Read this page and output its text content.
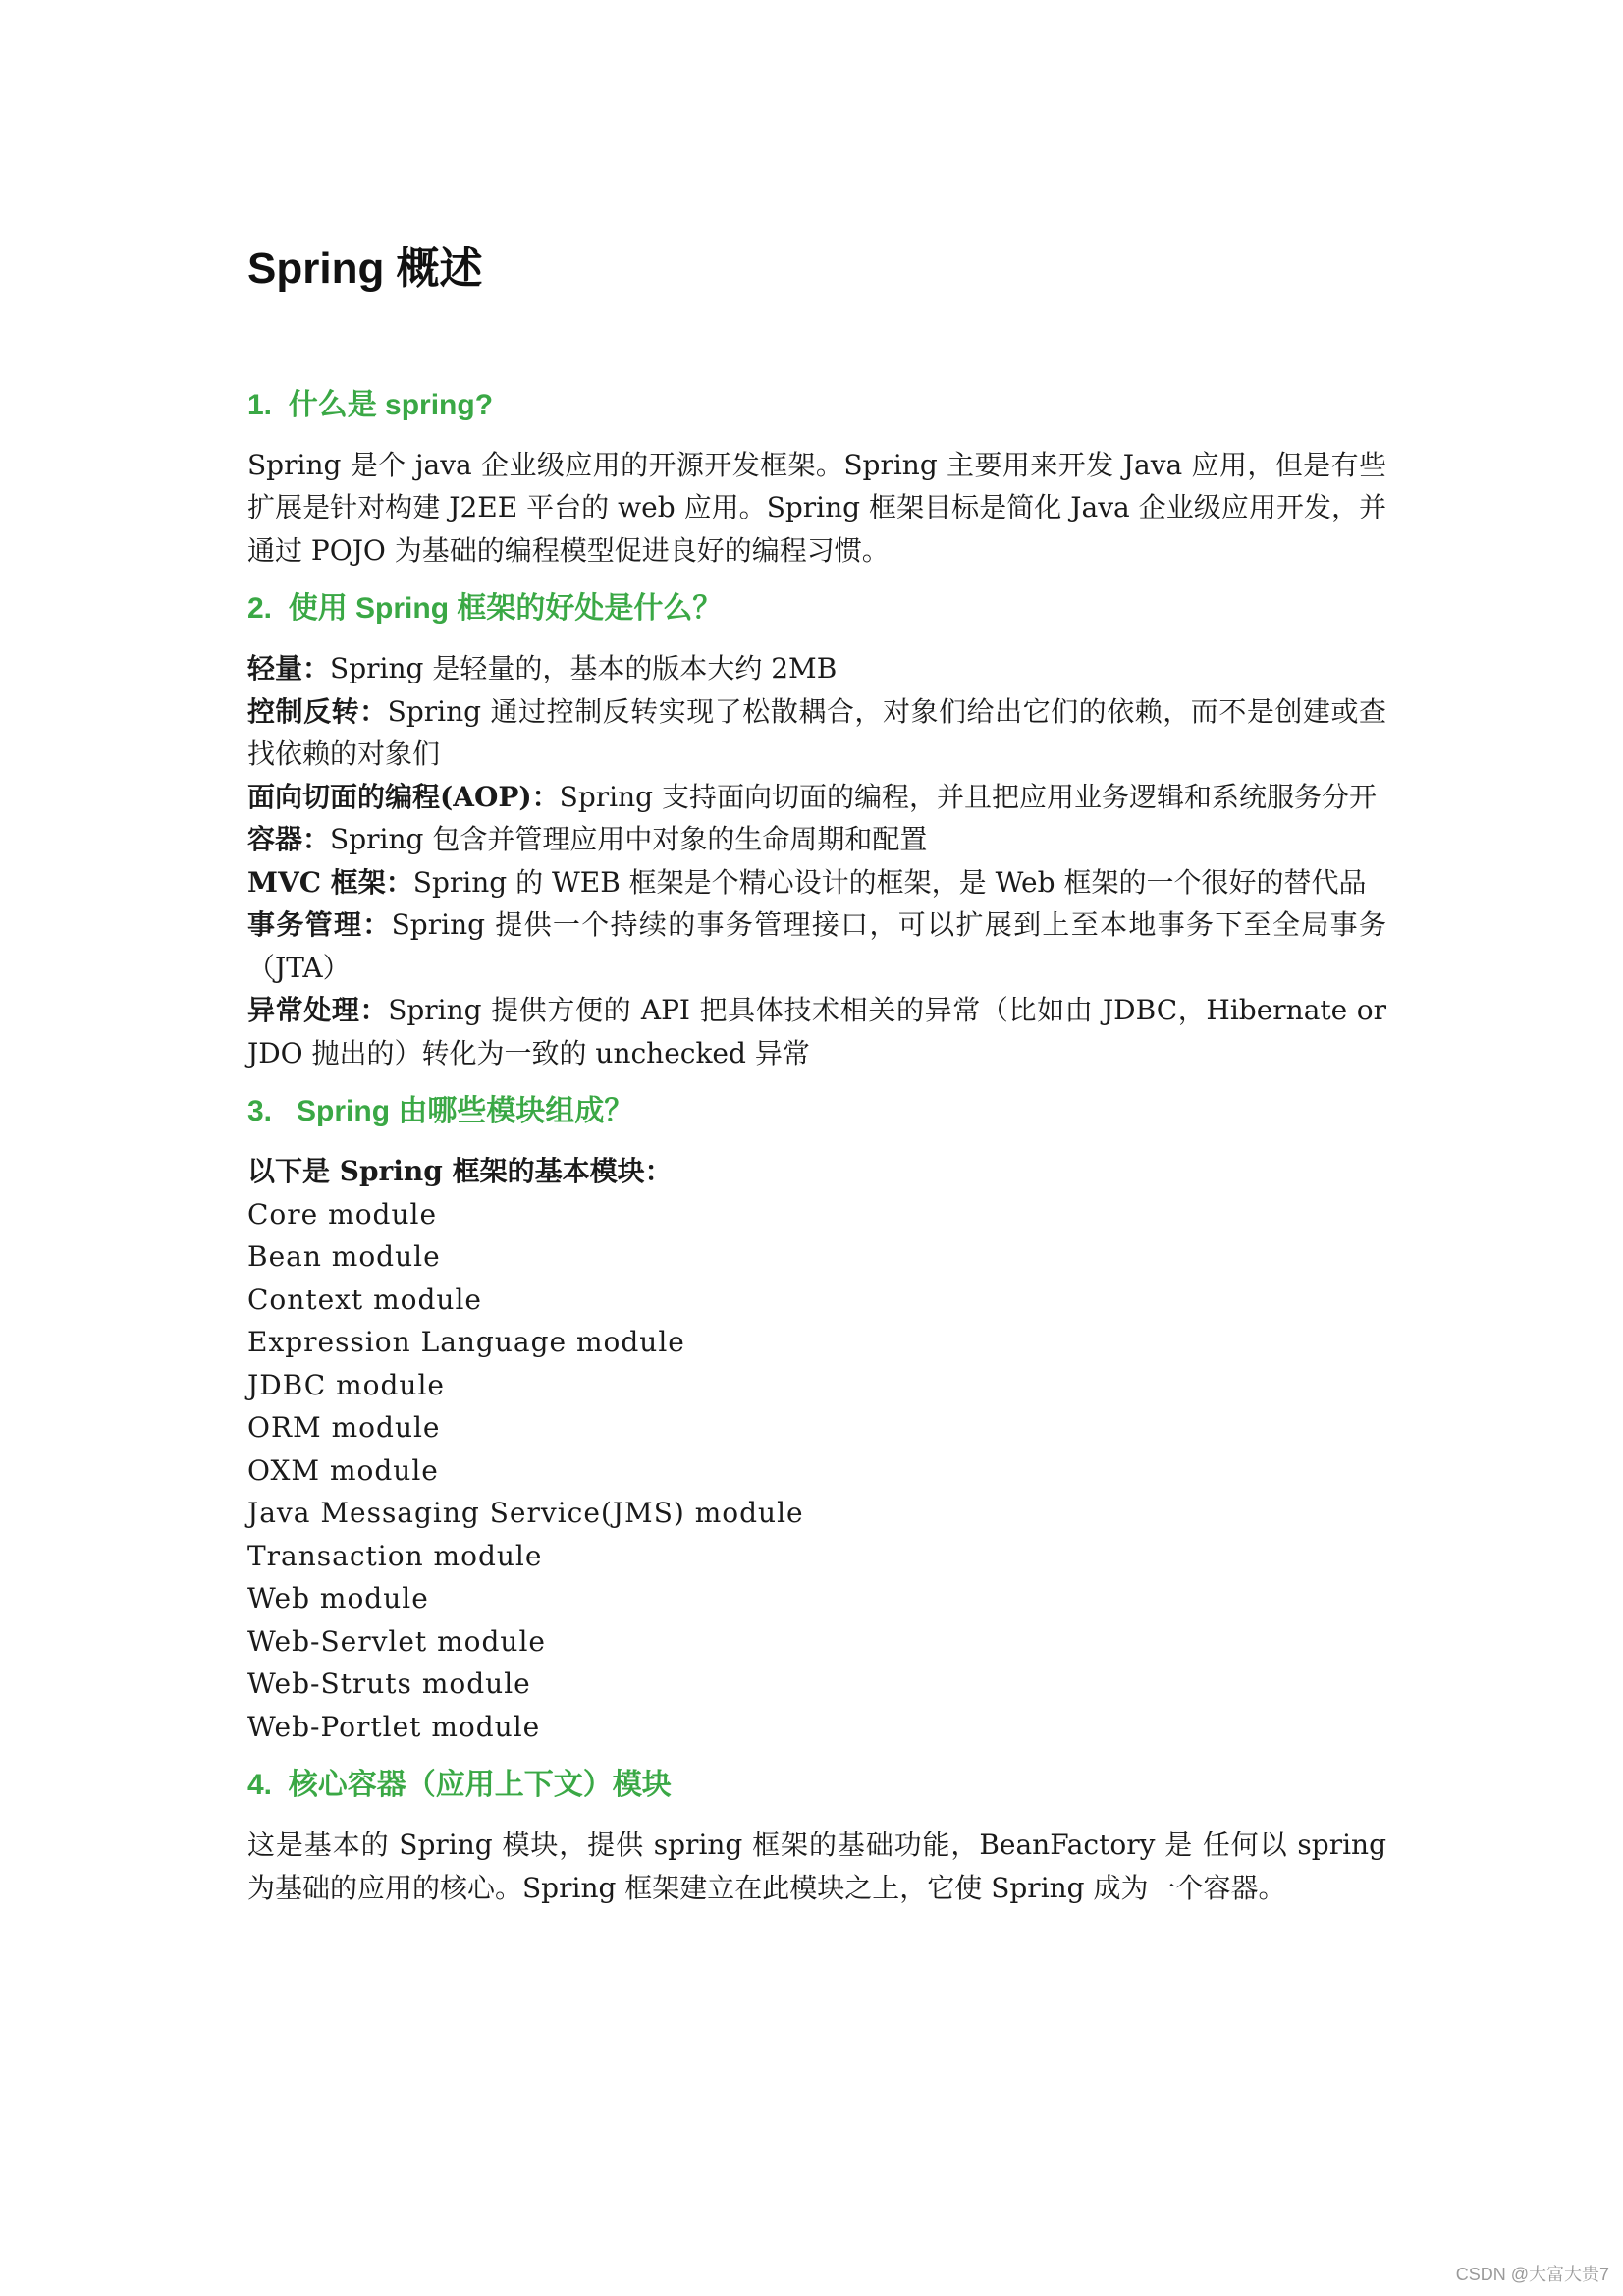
Spring 概述
1.  什么是 spring?

Spring 是个 java 企业级应用的开源开发框架。Spring 主要用来开发 Java 应用，但是有些扩展是针对构建 J2EE 平台的 web 应用。Spring 框架目标是简化 Java 企业级应用开发，并通过 POJO 为基础的编程模型促进良好的编程习惯。

2.  使用 Spring 框架的好处是什么？
轻量：Spring 是轻量的，基本的版本大约 2MB
控制反转：Spring 通过控制反转实现了松散耦合，对象们给出它们的依赖，而不是创建或查找依赖的对象们
面向切面的编程(AOP)：Spring 支持面向切面的编程，并且把应用业务逻辑和系统服务分开
容器：Spring 包含并管理应用中对象的生命周期和配置
MVC 框架：Spring 的 WEB 框架是个精心设计的框架，是 Web 框架的一个很好的替代品
事务管理：Spring 提供一个持续的事务管理接口，可以扩展到上至本地事务下至全局事务（JTA）
异常处理：Spring 提供方便的 API 把具体技术相关的异常（比如由 JDBC，Hibernate or JDO 抛出的）转化为一致的 unchecked 异常
3.   Spring 由哪些模块组成？
以下是 Spring 框架的基本模块：
Core module
Bean module
Context module
Expression Language module
JDBC module
ORM module
OXM module
Java Messaging Service(JMS) module
Transaction module
Web module
Web-Servlet module
Web-Struts module
Web-Portlet module
4.  核心容器（应用上下文）模块

这是基本的 Spring 模块，提供 spring 框架的基础功能，BeanFactory 是 任何以 spring 为基础的应用的核心。Spring 框架建立在此模块之上，它使 Spring 成为一个容器。

CSDN @大富大贵7
